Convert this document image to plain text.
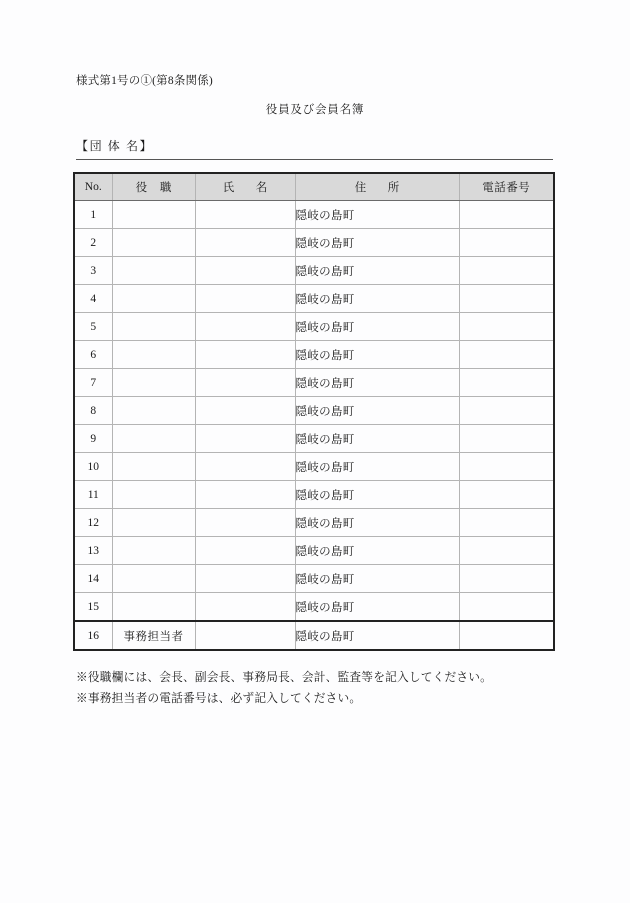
様式第1号の①(第8条関係)
役員及び会員名簿
【団 体 名】
No.	役 職	氏　名	住　所	電話番号
1			隠岐の島町	
2			隠岐の島町	
3			隠岐の島町	
4			隠岐の島町	
5			隠岐の島町	
6			隠岐の島町	
7			隠岐の島町	
8			隠岐の島町	
9			隠岐の島町	
10			隠岐の島町	
11			隠岐の島町	
12			隠岐の島町	
13			隠岐の島町	
14			隠岐の島町	
15			隠岐の島町	
16	事務担当者		隠岐の島町	
※役職欄には、会長、副会長、事務局長、会計、監査等を記入してください。
※事務担当者の電話番号は、必ず記入してください。
